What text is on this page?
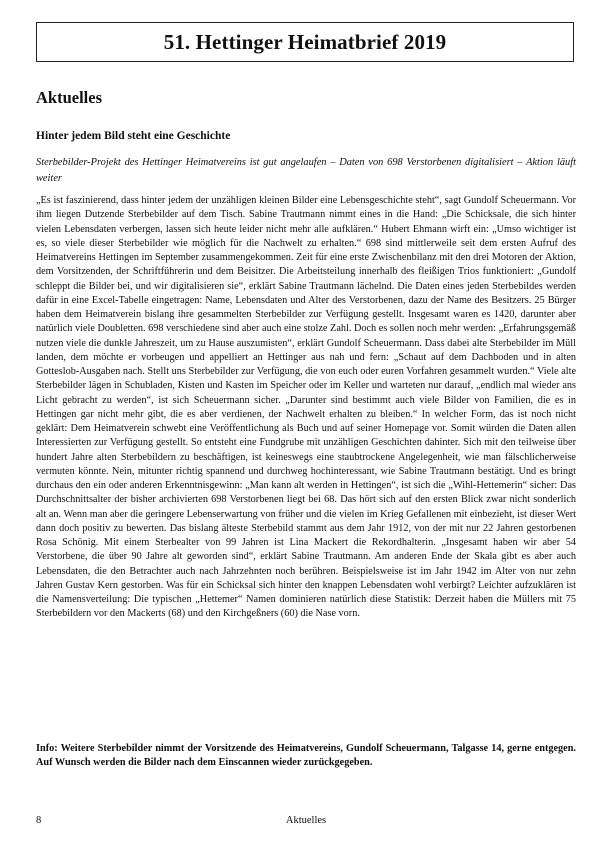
51. Hettinger Heimatbrief 2019
Aktuelles
Hinter jedem Bild steht eine Geschichte

Sterbebilder-Projekt des Hettinger Heimatvereins ist gut angelaufen – Daten von 698 Verstorbenen digitalisiert – Aktion läuft weiter

„Es ist faszinierend, dass hinter jedem der unzähligen kleinen Bilder eine Lebensgeschichte steht“, sagt Gundolf Scheuermann. Vor ihm liegen Dutzende Sterbebilder auf dem Tisch. Sabine Trautmann nimmt eines in die Hand: „Die Schicksale, die sich hinter vielen Lebensdaten verbergen, lassen sich heute leider nicht mehr alle aufklären.“ Hubert Ehmann wirft ein: „Umso wichtiger ist es, so viele dieser Sterbebilder wie möglich für die Nachwelt zu erhalten.“ 698 sind mittlerweile seit dem ersten Aufruf des Heimatvereins Hettingen im September zusammengekommen. Zeit für eine erste Zwischenbilanz mit den drei Motoren der Aktion, dem Vorsitzenden, der Schriftführerin und dem Beisitzer. Die Arbeitsteilung innerhalb des fleißigen Trios funktioniert: „Gundolf schleppt die Bilder bei, und wir digitalisieren sie“, erklärt Sabine Trautmann lächelnd. Die Daten eines jeden Sterbebildes werden dafür in eine Excel-Tabelle eingetragen: Name, Lebensdaten und Alter des Verstorbenen, dazu der Name des Besitzers. 25 Bürger haben dem Heimatverein bislang ihre gesammelten Sterbebilder zur Verfügung gestellt. Insgesamt waren es 1420, darunter aber natürlich viele Doubletten. 698 verschiedene sind aber auch eine stolze Zahl. Doch es sollen noch mehr werden: „Erfahrungsgemäß nutzen viele die dunkle Jahreszeit, um zu Hause auszumisten“, erklärt Gundolf Scheuermann. Dass dabei alte Sterbebilder im Müll landen, dem möchte er vorbeugen und appelliert an Hettinger aus nah und fern: „Schaut auf dem Dachboden und in alten Gotteslob-Ausgaben nach. Stellt uns Sterbebilder zur Verfügung, die von euch oder euren Vorfahren gesammelt wurden.“ Viele alte Sterbebilder lägen in Schubladen, Kisten und Kasten im Speicher oder im Keller und warteten nur darauf, „endlich mal wieder ans Licht gebracht zu werden“, ist sich Scheuermann sicher. „Darunter sind bestimmt auch viele Bilder von Familien, die es in Hettingen gar nicht mehr gibt, die es aber verdienen, der Nachwelt erhalten zu bleiben.“ In welcher Form, das ist noch nicht geklärt: Dem Heimatverein schwebt eine Veröffentlichung als Buch und auf seiner Homepage vor. Somit würden die Daten allen Interessierten zur Verfügung gestellt. So entsteht eine Fundgrube mit unzähligen Geschichten dahinter. Sich mit den teilweise über hundert Jahre alten Sterbebildern zu beschäftigen, ist keineswegs eine staubtrockene Angelegenheit, wie man fälschlicherweise vermuten könnte. Nein, mitunter richtig spannend und durchweg hochinteressant, wie Sabine Trautmann bestätigt. Und es bringt durchaus den ein oder anderen Erkenntnisgewinn: „Man kann alt werden in Hettingen“, ist sich die „Wihl-Hettemerin“ sicher: Das Durchschnittsalter der bisher archivierten 698 Verstorbenen liegt bei 68. Das hört sich auf den ersten Blick zwar nicht sonderlich alt an. Wenn man aber die geringere Lebenserwartung von früher und die vielen im Krieg Gefallenen mit einbezieht, ist dieser Wert dann doch positiv zu bewerten. Das bislang älteste Sterbebild stammt aus dem Jahr 1912, von der mit nur 22 Jahren gestorbenen Rosa Schönig. Mit einem Sterbealter von 99 Jahren ist Lina Mackert die Rekordhalterin. „Insgesamt haben wir aber 54 Verstorbene, die über 90 Jahre alt geworden sind“, erklärt Sabine Trautmann. Am anderen Ende der Skala gibt es aber auch Lebensdaten, die den Betrachter auch nach Jahrzehnten noch berühren. Beispielsweise ist im Jahr 1942 im Alter von nur zehn Jahren Gustav Kern gestorben. Was für ein Schicksal sich hinter den knappen Lebensdaten wohl verbirgt? Leichter aufzuklären ist die Namensverteilung: Die typischen „Hettemer“ Namen dominieren natürlich diese Statistik: Derzeit haben die Müllers mit 75 Sterbebildern vor den Mackerts (68) und den Kirchgeßners (60) die Nase vorn.

Info: Weitere Sterbebilder nimmt der Vorsitzende des Heimatvereins, Gundolf Scheuermann, Talgasse 14, gerne entgegen. Auf Wunsch werden die Bilder nach dem Einscannen wieder zurückgegeben.

8	Aktuelles
